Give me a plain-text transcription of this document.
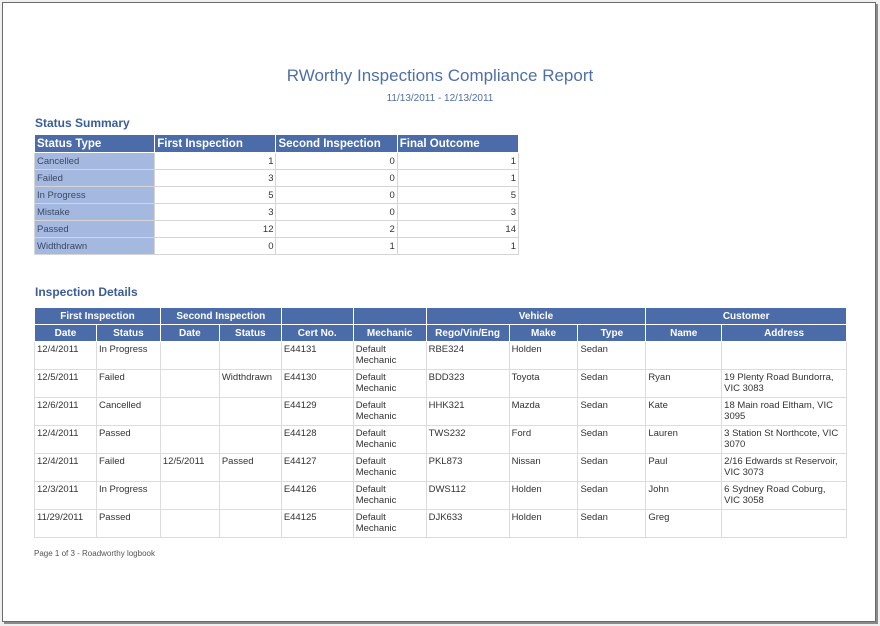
RWorthy Inspections Compliance Report
11/13/2011 - 12/13/2011
Status Summary
Status Type	First Inspection	Second Inspection	Final Outcome
Cancelled	1	0	1
Failed	3	0	1
In Progress	5	0	5
Mistake	3	0	3
Passed	12	2	14
Widthdrawn	0	1	1
Inspection Details
First Inspection		Second Inspection				Vehicle			Customer	
Date	Status	Date	Status	Cert No.	Mechanic	Rego/Vin/Eng	Make	Type	Name	Address
12/4/2011	In Progress			E44131	Default Mechanic	RBE324	Holden	Sedan		
12/5/2011	Failed		Widthdrawn	E44130	Default Mechanic	BDD323	Toyota	Sedan	Ryan	19 Plenty Road Bundorra, VIC 3083
12/6/2011	Cancelled			E44129	Default Mechanic	HHK321	Mazda	Sedan	Kate	18 Main road Eltham, VIC 3095
12/4/2011	Passed			E44128	Default Mechanic	TWS232	Ford	Sedan	Lauren	3 Station St Northcote, VIC 3070
12/4/2011	Failed	12/5/2011	Passed	E44127	Default Mechanic	PKL873	Nissan	Sedan	Paul	2/16 Edwards st Reservoir, VIC 3073
12/3/2011	In Progress			E44126	Default Mechanic	DWS112	Holden	Sedan	John	6 Sydney Road Coburg, VIC 3058
11/29/2011	Passed			E44125	Default Mechanic	DJK633	Holden	Sedan	Greg	
Page 1 of 3 - Roadworthy logbook
